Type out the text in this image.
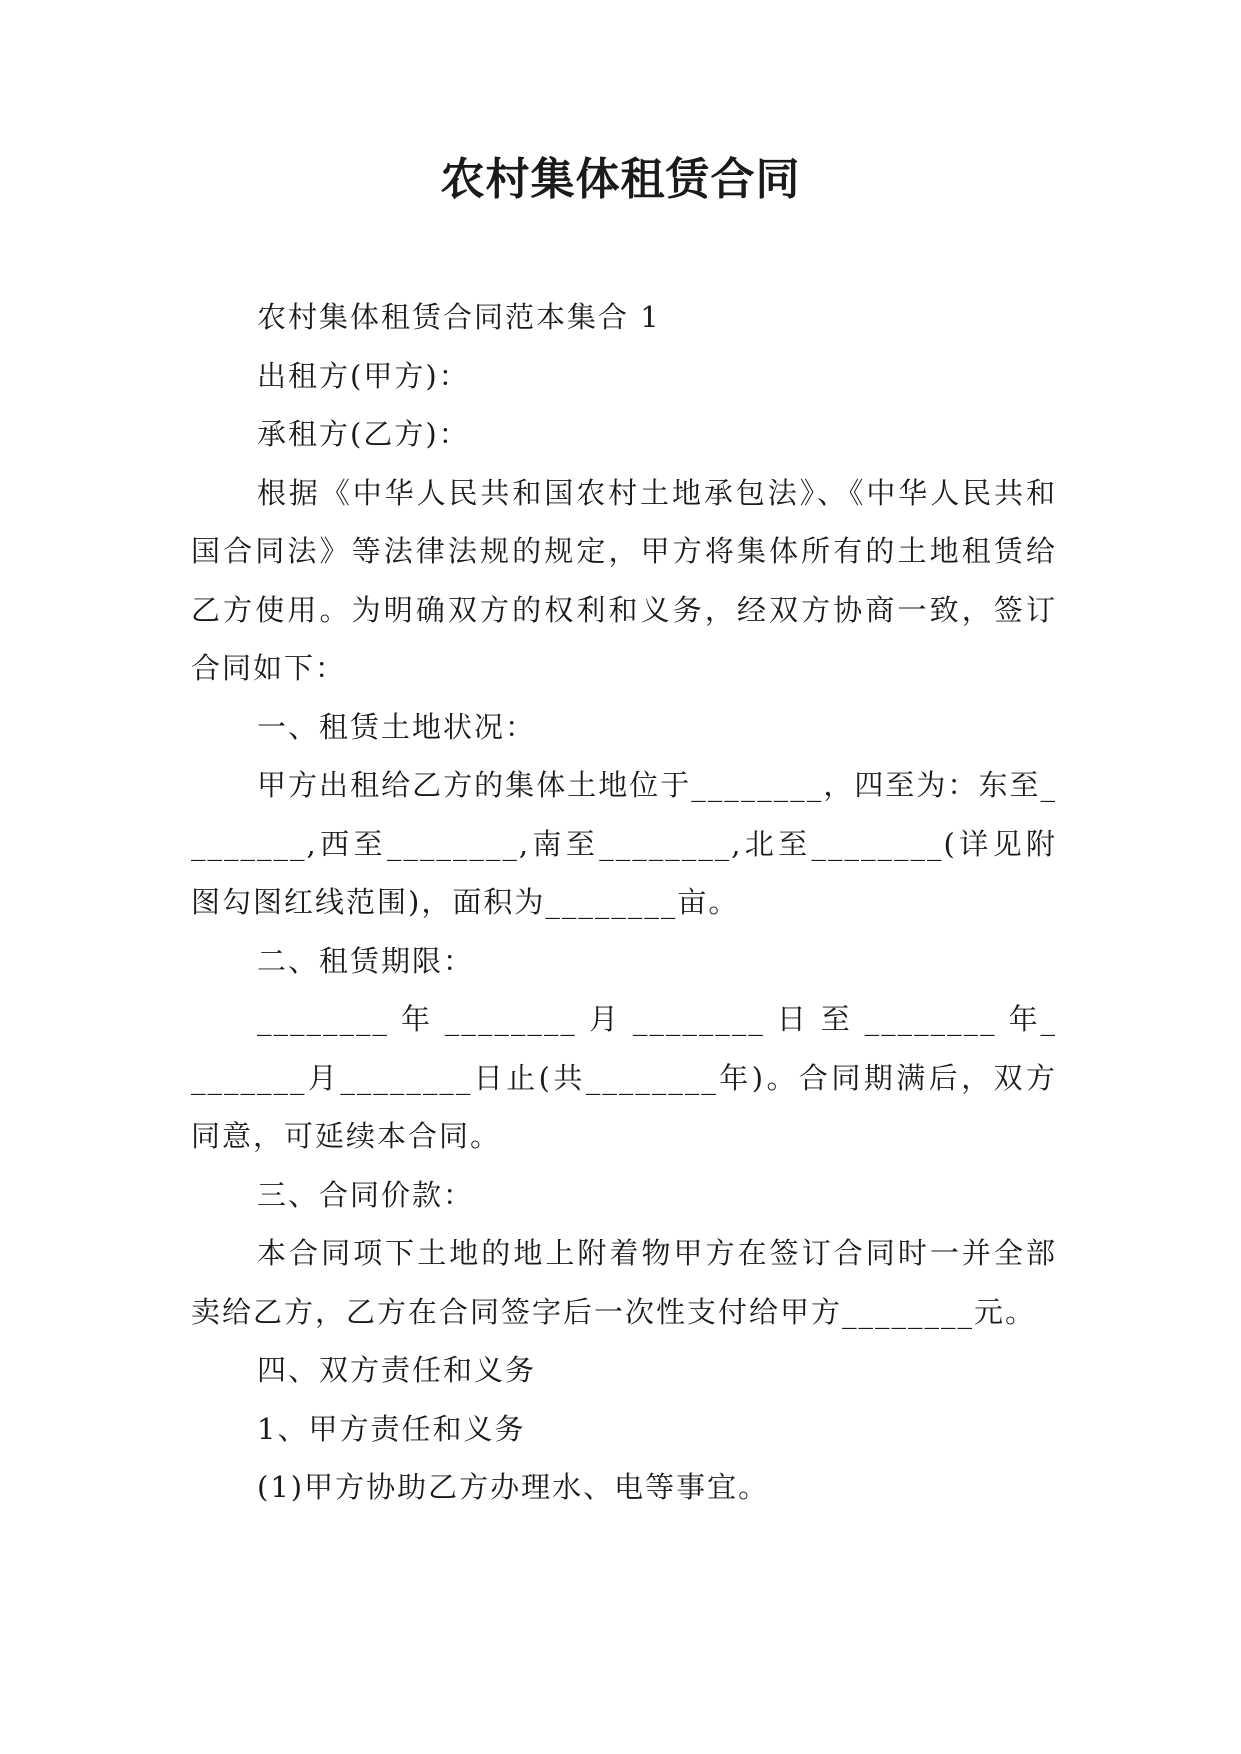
农村集体租赁合同

农村集体租赁合同范本集合 1

出租方(甲方)：

承租方(乙方)：

根据《中华人民共和国农村土地承包法》、《中华人民共和国合同法》等法律法规的规定，甲方将集体所有的土地租赁给乙方使用。为明确双方的权利和义务，经双方协商一致，签订合同如下：

一、租赁土地状况：

甲方出租给乙方的集体土地位于________，四至为：东至________,西至________,南至________,北至________(详见附图勾图红线范围)，面积为________亩。

二、租赁期限：

________ 年 ________ 月 ________ 日 至 ________ 年________月________日止(共________年)。合同期满后，双方同意，可延续本合同。

三、合同价款：

本合同项下土地的地上附着物甲方在签订合同时一并全部卖给乙方，乙方在合同签字后一次性支付给甲方________元。

四、双方责任和义务

1、甲方责任和义务

(1)甲方协助乙方办理水、电等事宜。
